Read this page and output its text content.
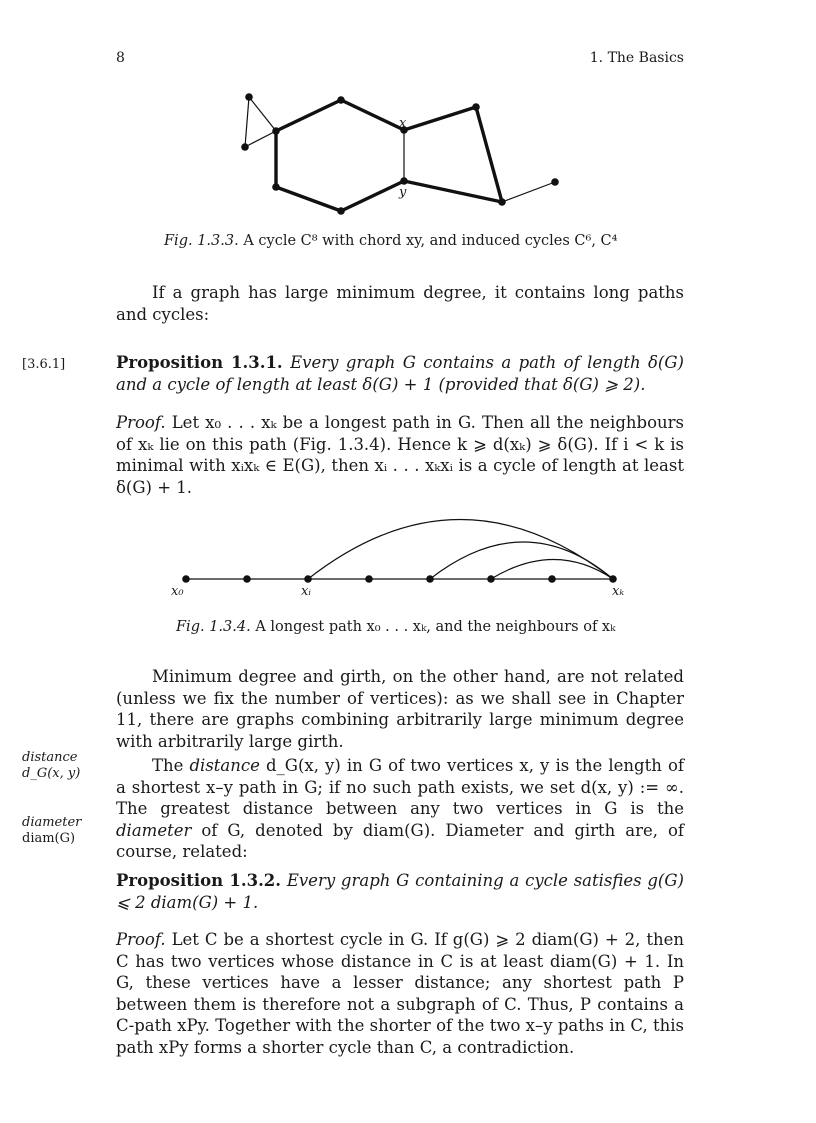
8	1. The Basics
x
y
Fig. 1.3.3. A cycle C⁸ with chord xy, and induced cycles C⁶, C⁴
If a graph has large minimum degree, it contains long paths and cycles:
[3.6.1]	Proposition 1.3.1. Every graph G contains a path of length δ(G) and a cycle of length at least δ(G) + 1 (provided that δ(G) ⩾ 2).
Proof. Let x₀ . . . xₖ be a longest path in G. Then all the neighbours of xₖ lie on this path (Fig. 1.3.4). Hence k ⩾ d(xₖ) ⩾ δ(G). If i < k is minimal with xᵢxₖ ∈ E(G), then xᵢ . . . xₖxᵢ is a cycle of length at least δ(G) + 1.
x₀	xᵢ	xₖ
Fig. 1.3.4. A longest path x₀ . . . xₖ, and the neighbours of xₖ
Minimum degree and girth, on the other hand, are not related (unless we fix the number of vertices): as we shall see in Chapter 11, there are graphs combining arbitrarily large minimum degree with arbitrarily large girth.
distance
d_G(x, y)
diameter
diam(G)
The distance d_G(x, y) in G of two vertices x, y is the length of a shortest x–y path in G; if no such path exists, we set d(x, y) := ∞. The greatest distance between any two vertices in G is the diameter of G, denoted by diam(G). Diameter and girth are, of course, related:
Proposition 1.3.2. Every graph G containing a cycle satisfies g(G) ⩽ 2 diam(G) + 1.
Proof. Let C be a shortest cycle in G. If g(G) ⩾ 2 diam(G) + 2, then C has two vertices whose distance in C is at least diam(G) + 1. In G, these vertices have a lesser distance; any shortest path P between them is therefore not a subgraph of C. Thus, P contains a C-path xPy. Together with the shorter of the two x–y paths in C, this path xPy forms a shorter cycle than C, a contradiction.
